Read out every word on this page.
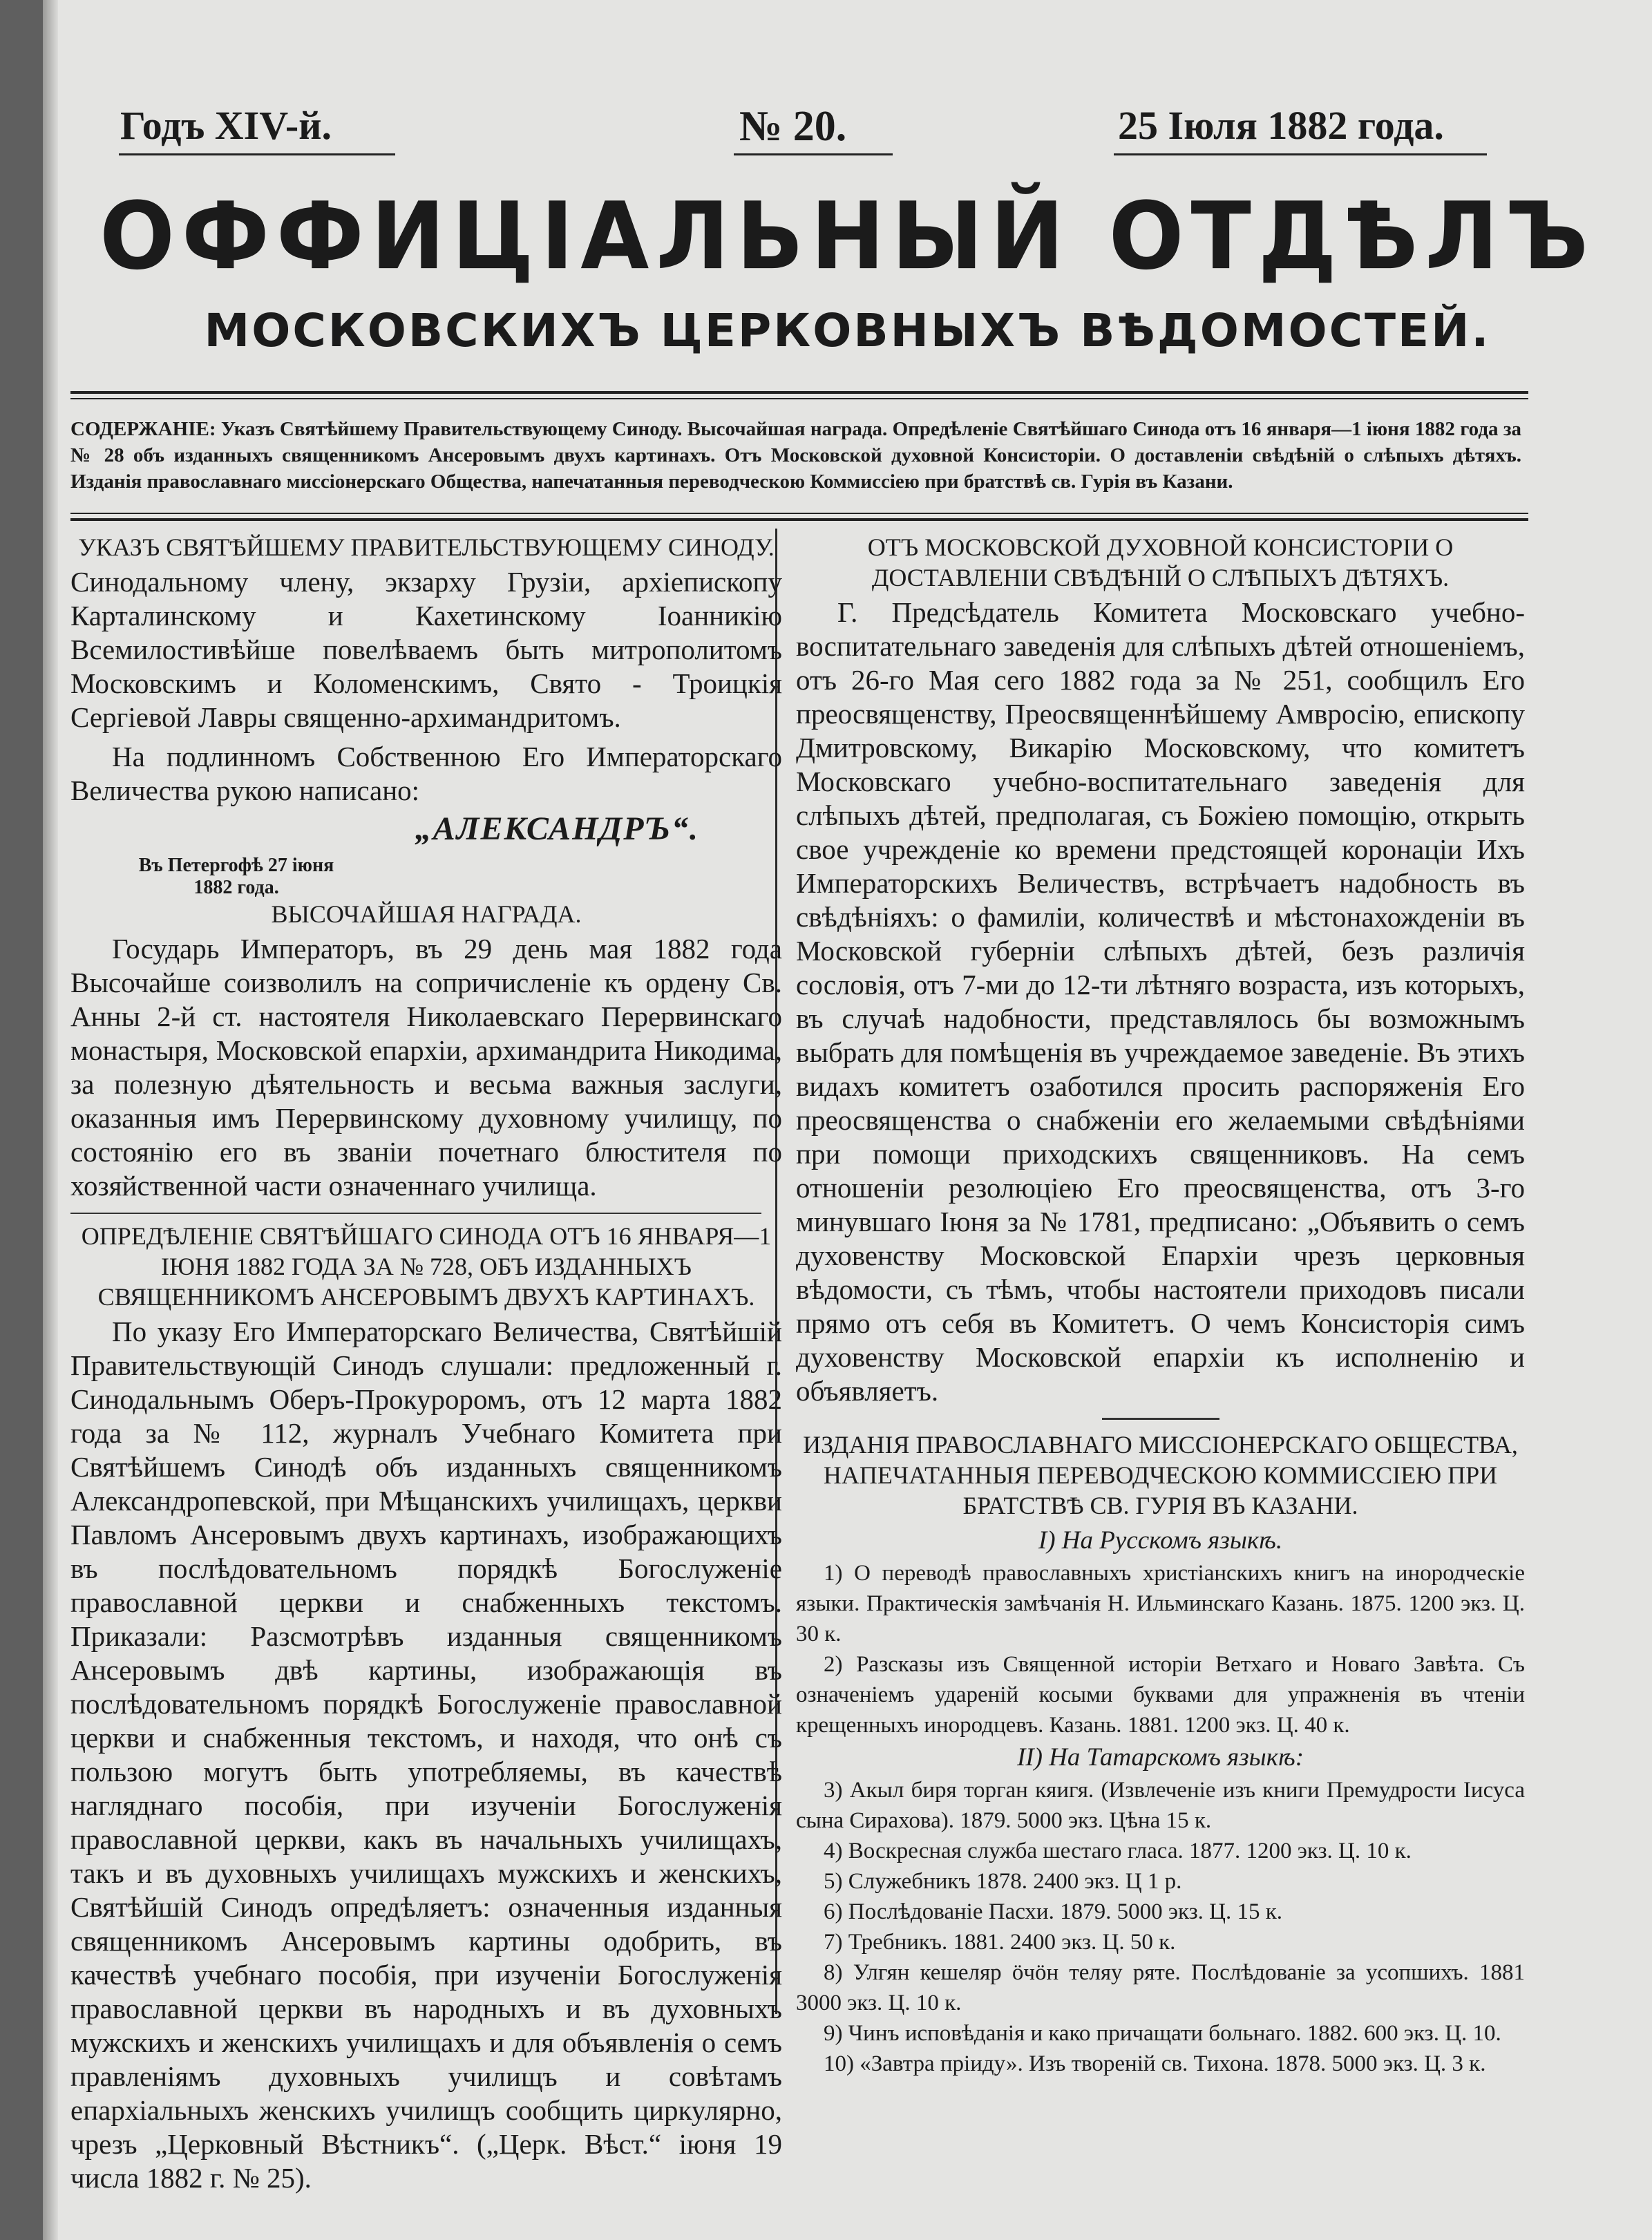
Годъ XIV-й.	№ 20.	25 Іюля 1882 года.
ОФФИЦІАЛЬНЫЙ ОТДѢЛЪ
МОСКОВСКИХЪ ЦЕРКОВНЫХЪ ВѢДОМОСТЕЙ.
СОДЕРЖАНІЕ: Указъ Святѣйшему Правительствующему Синоду. Высочайшая награда. Опредѣленіе Святѣйшаго Синода отъ 16 января—1 іюня 1882 года за № 28 объ изданныхъ священникомъ Ансеровымъ двухъ картинахъ. Отъ Московской духовной Консисторіи. О доставленіи свѣдѣній о слѣпыхъ дѣтяхъ. Изданія православнаго миссіонерскаго Общества, напечатанныя переводческою Коммиссіею при братствѣ св. Гурія въ Казани.

УКАЗЪ СВЯТѢЙШЕМУ ПРАВИТЕЛЬСТВУЮЩЕМУ СИНОДУ.

Синодальному члену, экзарху Грузіи, архіепископу Карталинскому и Кахетинскому Іоанникію Всемилостивѣйше повелѣваемъ быть митрополитомъ Московскимъ и Коломенскимъ, Свято - Троицкія Сергіевой Лавры священно-архимандритомъ.

На подлинномъ Собственною Его Императорскаго Величества рукою написано:

„АЛЕКСАНДРЪ“.

Въ Петергофѣ 27 іюня 1882 года.

ВЫСОЧАЙШАЯ НАГРАДА.

Государь Императоръ, въ 29 день мая 1882 года Высочайше соизволилъ на сопричисленіе къ ордену Св. Анны 2-й ст. настоятеля Николаевскаго Перервинскаго монастыря, Московской епархіи, архимандрита Никодима, за полезную дѣятельность и весьма важныя заслуги, оказанныя имъ Перервинскому духовному училищу, по состоянію его въ званіи почетнаго блюстителя по хозяйственной части означеннаго училища.

ОПРЕДѢЛЕНІЕ СВЯТѢЙШАГО СИНОДА ОТЪ 16 ЯНВАРЯ—1 ІЮНЯ 1882 ГОДА ЗА № 728, ОБЪ ИЗДАННЫХЪ СВЯЩЕННИКОМЪ АНСЕРОВЫМЪ ДВУХЪ КАРТИНАХЪ.

По указу Его Императорскаго Величества, Святѣйшій Правительствующій Синодъ слушали: предложенный г. Синодальнымъ Оберъ-Прокуроромъ, отъ 12 марта 1882 года за № 112, журналъ Учебнаго Комитета при Святѣйшемъ Синодѣ объ изданныхъ священникомъ Александропевской, при Мѣщанскихъ училищахъ, церкви Павломъ Ансеровымъ двухъ картинахъ, изображающихъ въ послѣдовательномъ порядкѣ Богослуженіе православной церкви и снабженныхъ текстомъ. Приказали: Разсмотрѣвъ изданныя священникомъ Ансеровымъ двѣ картины, изображающія въ послѣдовательномъ порядкѣ Богослуженіе православной церкви и снабженныя текстомъ, и находя, что онѣ съ пользою могутъ быть употребляемы, въ качествѣ нагляднаго пособія, при изученіи Богослуженія православной церкви, какъ въ начальныхъ училищахъ, такъ и въ духовныхъ училищахъ мужскихъ и женскихъ, Святѣйшій Синодъ опредѣляетъ: означенныя изданныя священникомъ Ансеровымъ картины одобрить, въ качествѣ учебнаго пособія, при изученіи Богослуженія православной церкви въ народныхъ и въ духовныхъ мужскихъ и женскихъ училищахъ и для объявленія о семъ правленіямъ духовныхъ училищъ и совѣтамъ епархіальныхъ женскихъ училищъ сообщить циркулярно, чрезъ „Церковный Вѣстникъ“. („Церк. Вѣст.“ іюня 19 числа 1882 г. № 25).

ОТЪ МОСКОВСКОЙ ДУХОВНОЙ КОНСИСТОРІИ О ДОСТАВЛЕНІИ СВѢДѢНІЙ О СЛѢПЫХЪ ДѢТЯХЪ.

Г. Предсѣдатель Комитета Московскаго учебно-воспитательнаго заведенія для слѣпыхъ дѣтей отношеніемъ, отъ 26-го Мая сего 1882 года за № 251, сообщилъ Его преосвященству, Преосвященнѣйшему Амвросію, епископу Дмитровскому, Викарію Московскому, что комитетъ Московскаго учебно-воспитательнаго заведенія для слѣпыхъ дѣтей, предполагая, съ Божіею помощію, открыть свое учрежденіе ко времени предстоящей коронаціи Ихъ Императорскихъ Величествъ, встрѣчаетъ надобность въ свѣдѣніяхъ: о фамиліи, количествѣ и мѣстонахожденіи въ Московской губерніи слѣпыхъ дѣтей, безъ различія сословія, отъ 7-ми до 12-ти лѣтняго возраста, изъ которыхъ, въ случаѣ надобности, представлялось бы возможнымъ выбрать для помѣщенія въ учреждаемое заведеніе. Въ этихъ видахъ комитетъ озаботился просить распоряженія Его преосвященства о снабженіи его желаемыми свѣдѣніями при помощи приходскихъ священниковъ. На семъ отношеніи резолюціею Его преосвященства, отъ 3-го минувшаго Іюня за № 1781, предписано: „Объявить о семъ духовенству Московской Епархіи чрезъ церковныя вѣдомости, съ тѣмъ, чтобы настоятели приходовъ писали прямо отъ себя въ Комитетъ. О чемъ Консисторія симъ духовенству Московской епархіи къ исполненію и объявляетъ.

ИЗДАНІЯ ПРАВОСЛАВНАГО МИССІОНЕРСКАГО ОБЩЕСТВА, НАПЕЧАТАННЫЯ ПЕРЕВОДЧЕСКОЮ КОММИССІЕЮ ПРИ БРАТСТВѢ СВ. ГУРІЯ ВЪ КАЗАНИ.

I) На Русскомъ языкѣ.

1) О переводѣ православныхъ христіанскихъ книгъ на инородческіе языки. Практическія замѣчанія Н. Ильминскаго Казань. 1875. 1200 экз. Ц. 30 к.

2) Разсказы изъ Священной исторіи Ветхаго и Новаго Завѣта. Съ означеніемъ удареній косыми буквами для упражненія въ чтеніи крещенныхъ инородцевъ. Казань. 1881. 1200 экз. Ц. 40 к.

II) На Татарскомъ языкѣ:

3) Акыл биря торган кяигя. (Извлеченіе изъ книги Премудрости Іисуса сына Сирахова). 1879. 5000 экз. Цѣна 15 к.

4) Воскресная служба шестаго гласа. 1877. 1200 экз. Ц. 10 к.

5) Служебникъ 1878. 2400 экз. Ц 1 р.

6) Послѣдованіе Пасхи. 1879. 5000 экз. Ц. 15 к.

7) Требникъ. 1881. 2400 экз. Ц. 50 к.

8) Улгян кешеляр ӧчӧн теляу ряте. Послѣдованіе за усопшихъ. 1881 3000 экз. Ц. 10 к.

9) Чинъ исповѣданія и како причащати больнаго. 1882. 600 экз. Ц. 10.

10) «Завтра пріиду». Изъ твореній св. Тихона. 1878. 5000 экз. Ц. 3 к.
